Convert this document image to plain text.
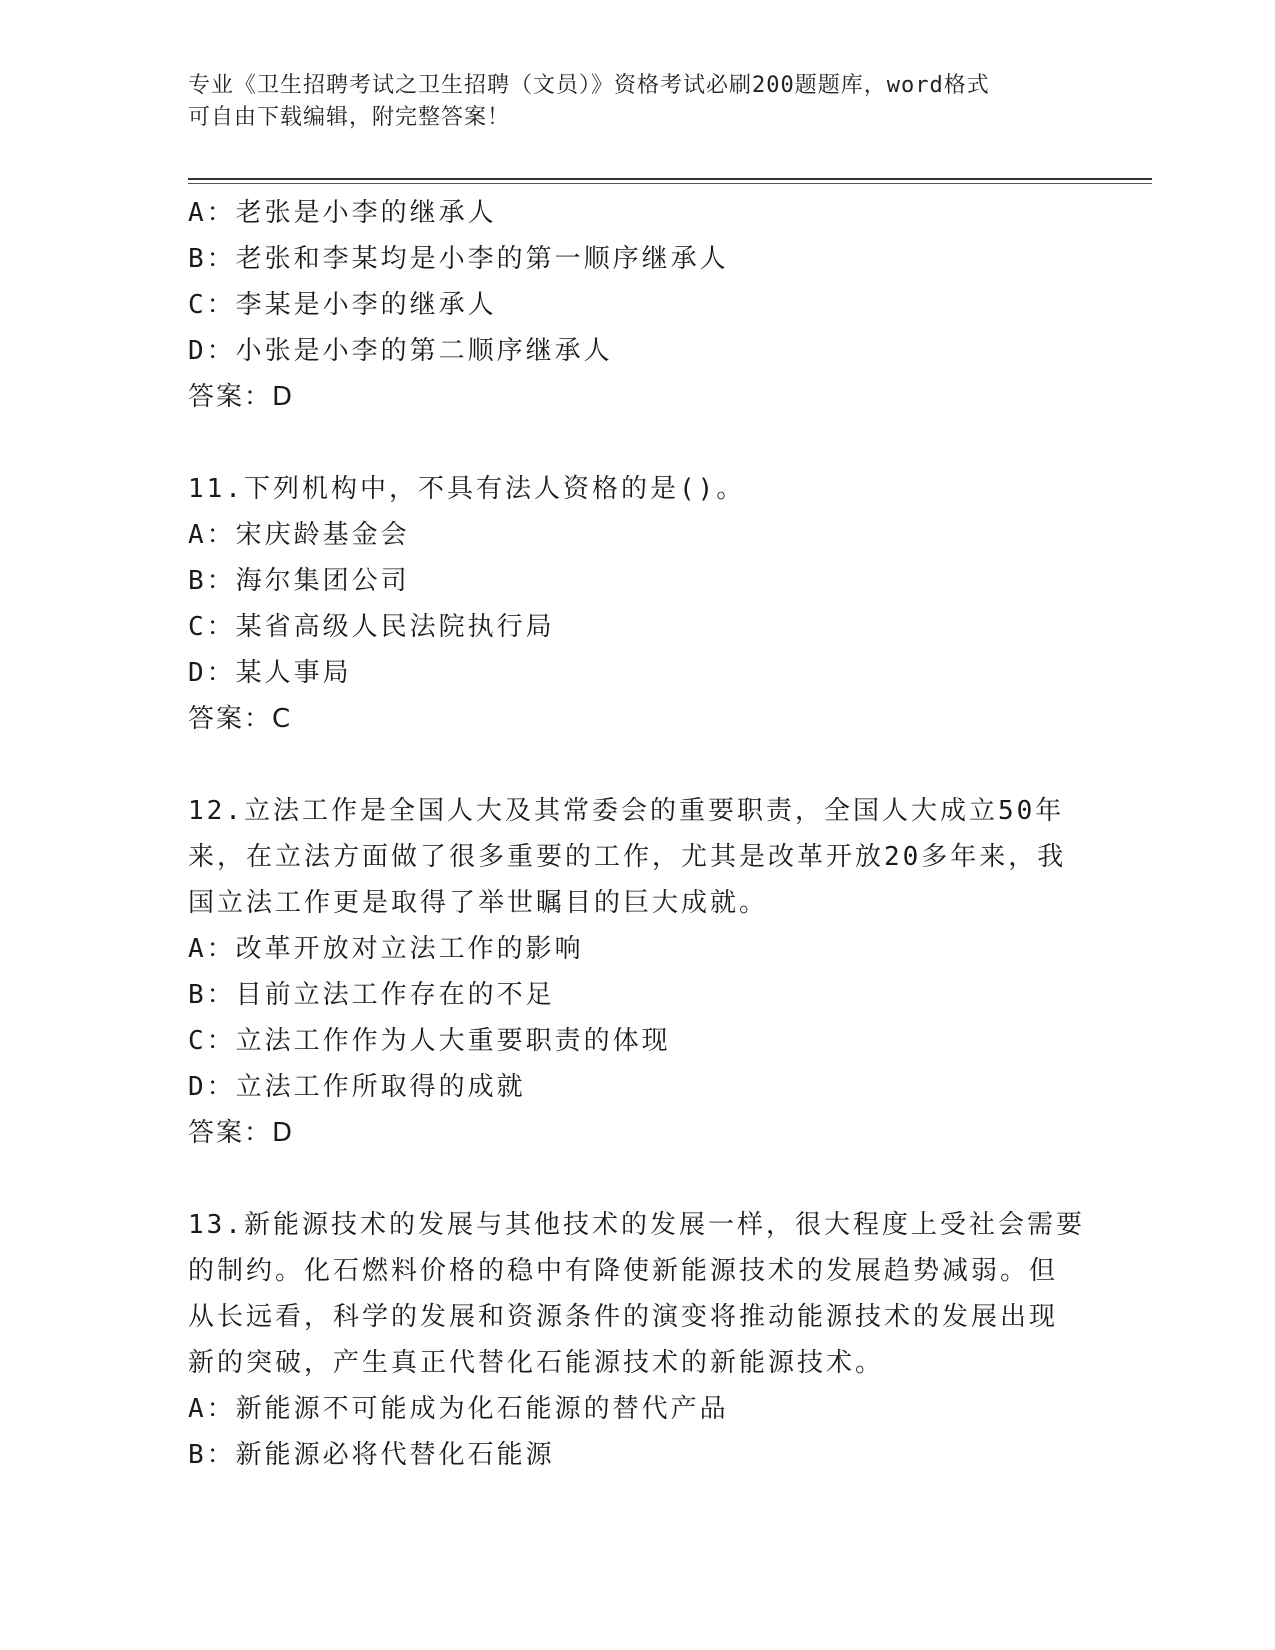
专业《卫生招聘考试之卫生招聘（文员）》资格考试必刷200题题库，word格式
可自由下载编辑，附完整答案！
A：老张是小李的继承人
B：老张和李某均是小李的第一顺序继承人
C：李某是小李的继承人
D：小张是小李的第二顺序继承人
答案：D
11.下列机构中，不具有法人资格的是()。
A：宋庆龄基金会
B：海尔集团公司
C：某省高级人民法院执行局
D：某人事局
答案：C
12.立法工作是全国人大及其常委会的重要职责，全国人大成立50年
来，在立法方面做了很多重要的工作，尤其是改革开放20多年来，我
国立法工作更是取得了举世瞩目的巨大成就。
A：改革开放对立法工作的影响
B：目前立法工作存在的不足
C：立法工作作为人大重要职责的体现
D：立法工作所取得的成就
答案：D
13.新能源技术的发展与其他技术的发展一样，很大程度上受社会需要
的制约。化石燃料价格的稳中有降使新能源技术的发展趋势减弱。但
从长远看，科学的发展和资源条件的演变将推动能源技术的发展出现
新的突破，产生真正代替化石能源技术的新能源技术。
A：新能源不可能成为化石能源的替代产品
B：新能源必将代替化石能源
